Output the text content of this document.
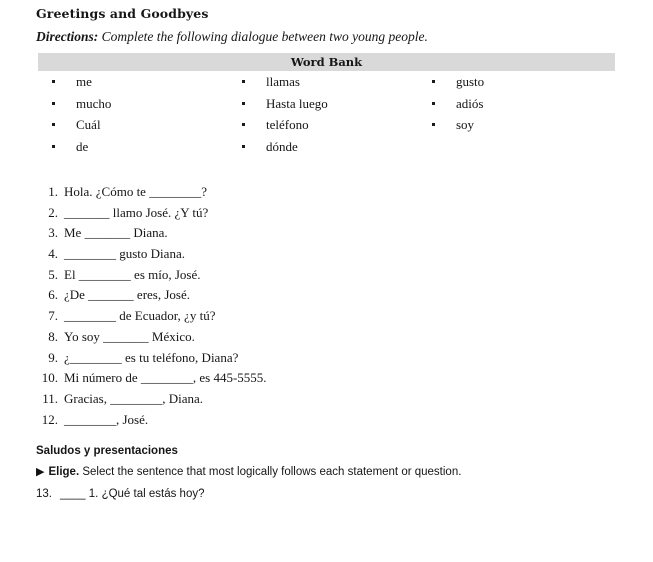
Greetings and Goodbyes
Directions: Complete the following dialogue between two young people.
Word Bank
me
mucho
Cuál
de
llamas
Hasta luego
teléfono
dónde
gusto
adiós
soy
1. Hola. ¿Cómo te ________?
2. _______ llamo José. ¿Y tú?
3. Me _______ Diana.
4. ________ gusto Diana.
5. El ________ es mío, José.
6. ¿De _______ eres, José.
7. ________ de Ecuador, ¿y tú?
8. Yo soy _______ México.
9. ¿________ es tu teléfono, Diana?
10. Mi número de ________, es 445-5555.
11. Gracias, ________, Diana.
12. ________, José.
Saludos y presentaciones
▶ Elige. Select the sentence that most logically follows each statement or question.
13. ____ 1. ¿Qué tal estás hoy?
